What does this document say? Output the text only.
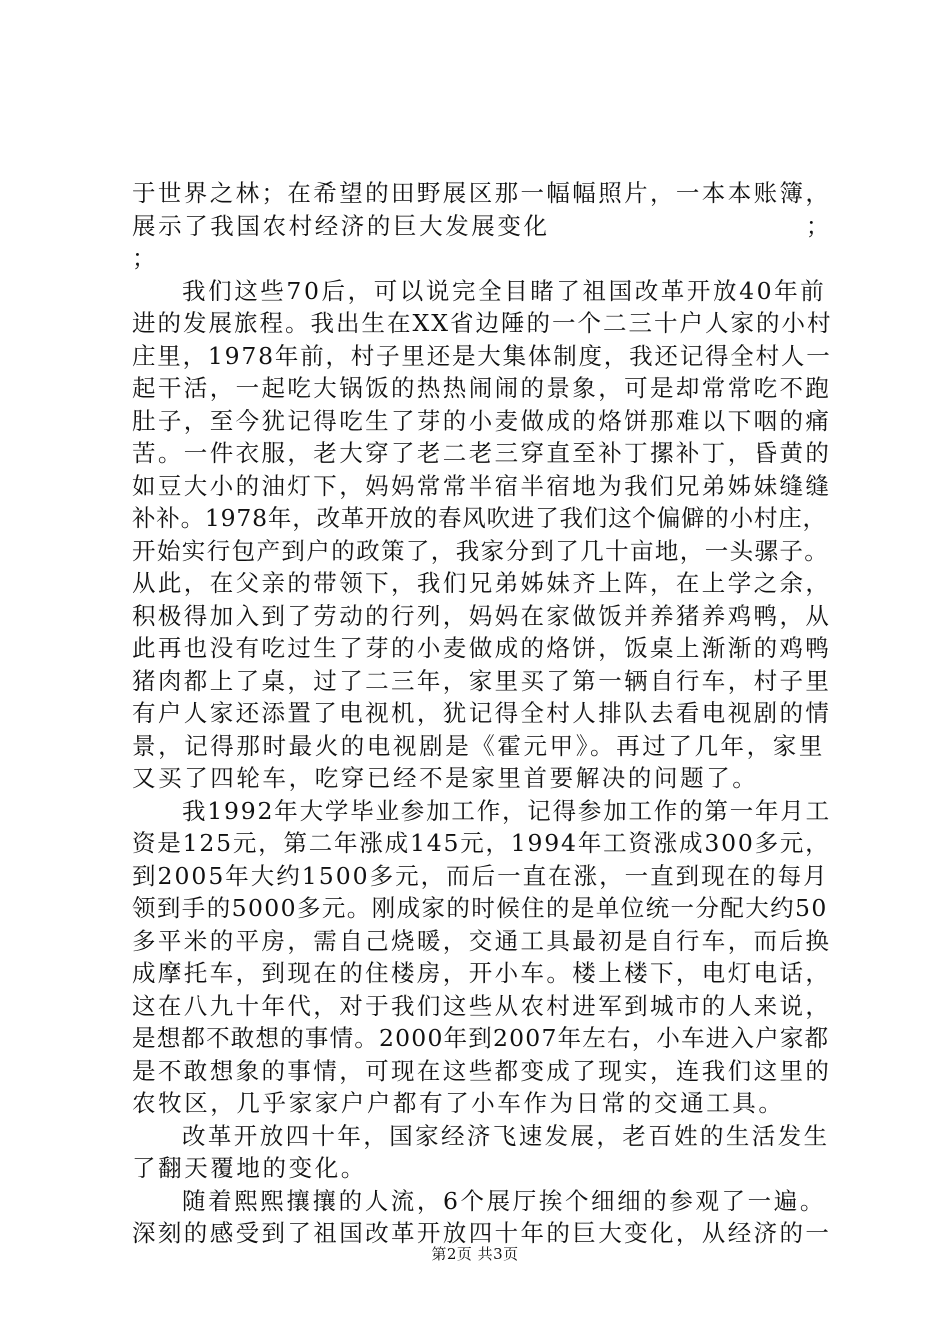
于世界之林；在希望的田野展区那一幅幅照片，一本本账簿，
展示了我国农村经济的巨大发展变化	；
；
我们这些70后，可以说完全目睹了祖国改革开放40年前
进的发展旅程。我出生在XX省边陲的一个二三十户人家的小村
庄里，1978年前，村子里还是大集体制度，我还记得全村人一
起干活，一起吃大锅饭的热热闹闹的景象，可是却常常吃不跑
肚子，至今犹记得吃生了芽的小麦做成的烙饼那难以下咽的痛
苦。一件衣服，老大穿了老二老三穿直至补丁摞补丁，昏黄的
如豆大小的油灯下，妈妈常常半宿半宿地为我们兄弟姊妹缝缝
补补。1978年，改革开放的春风吹进了我们这个偏僻的小村庄，
开始实行包产到户的政策了，我家分到了几十亩地，一头骡子。
从此，在父亲的带领下，我们兄弟姊妹齐上阵，在上学之余，
积极得加入到了劳动的行列，妈妈在家做饭并养猪养鸡鸭，从
此再也没有吃过生了芽的小麦做成的烙饼，饭桌上渐渐的鸡鸭
猪肉都上了桌，过了二三年，家里买了第一辆自行车，村子里
有户人家还添置了电视机，犹记得全村人排队去看电视剧的情
景，记得那时最火的电视剧是《霍元甲》。再过了几年，家里
又买了四轮车，吃穿已经不是家里首要解决的问题了。
我1992年大学毕业参加工作，记得参加工作的第一年月工
资是125元，第二年涨成145元，1994年工资涨成300多元，
到2005年大约1500多元，而后一直在涨，一直到现在的每月
领到手的5000多元。刚成家的时候住的是单位统一分配大约50
多平米的平房，需自己烧暖，交通工具最初是自行车，而后换
成摩托车，到现在的住楼房，开小车。楼上楼下，电灯电话，
这在八九十年代，对于我们这些从农村进军到城市的人来说，
是想都不敢想的事情。2000年到2007年左右，小车进入户家都
是不敢想象的事情，可现在这些都变成了现实，连我们这里的
农牧区，几乎家家户户都有了小车作为日常的交通工具。
改革开放四十年，国家经济飞速发展，老百姓的生活发生
了翻天覆地的变化。
随着熙熙攘攘的人流，6个展厅挨个细细的参观了一遍。
深刻的感受到了祖国改革开放四十年的巨大变化，从经济的一
第2页 共3页
